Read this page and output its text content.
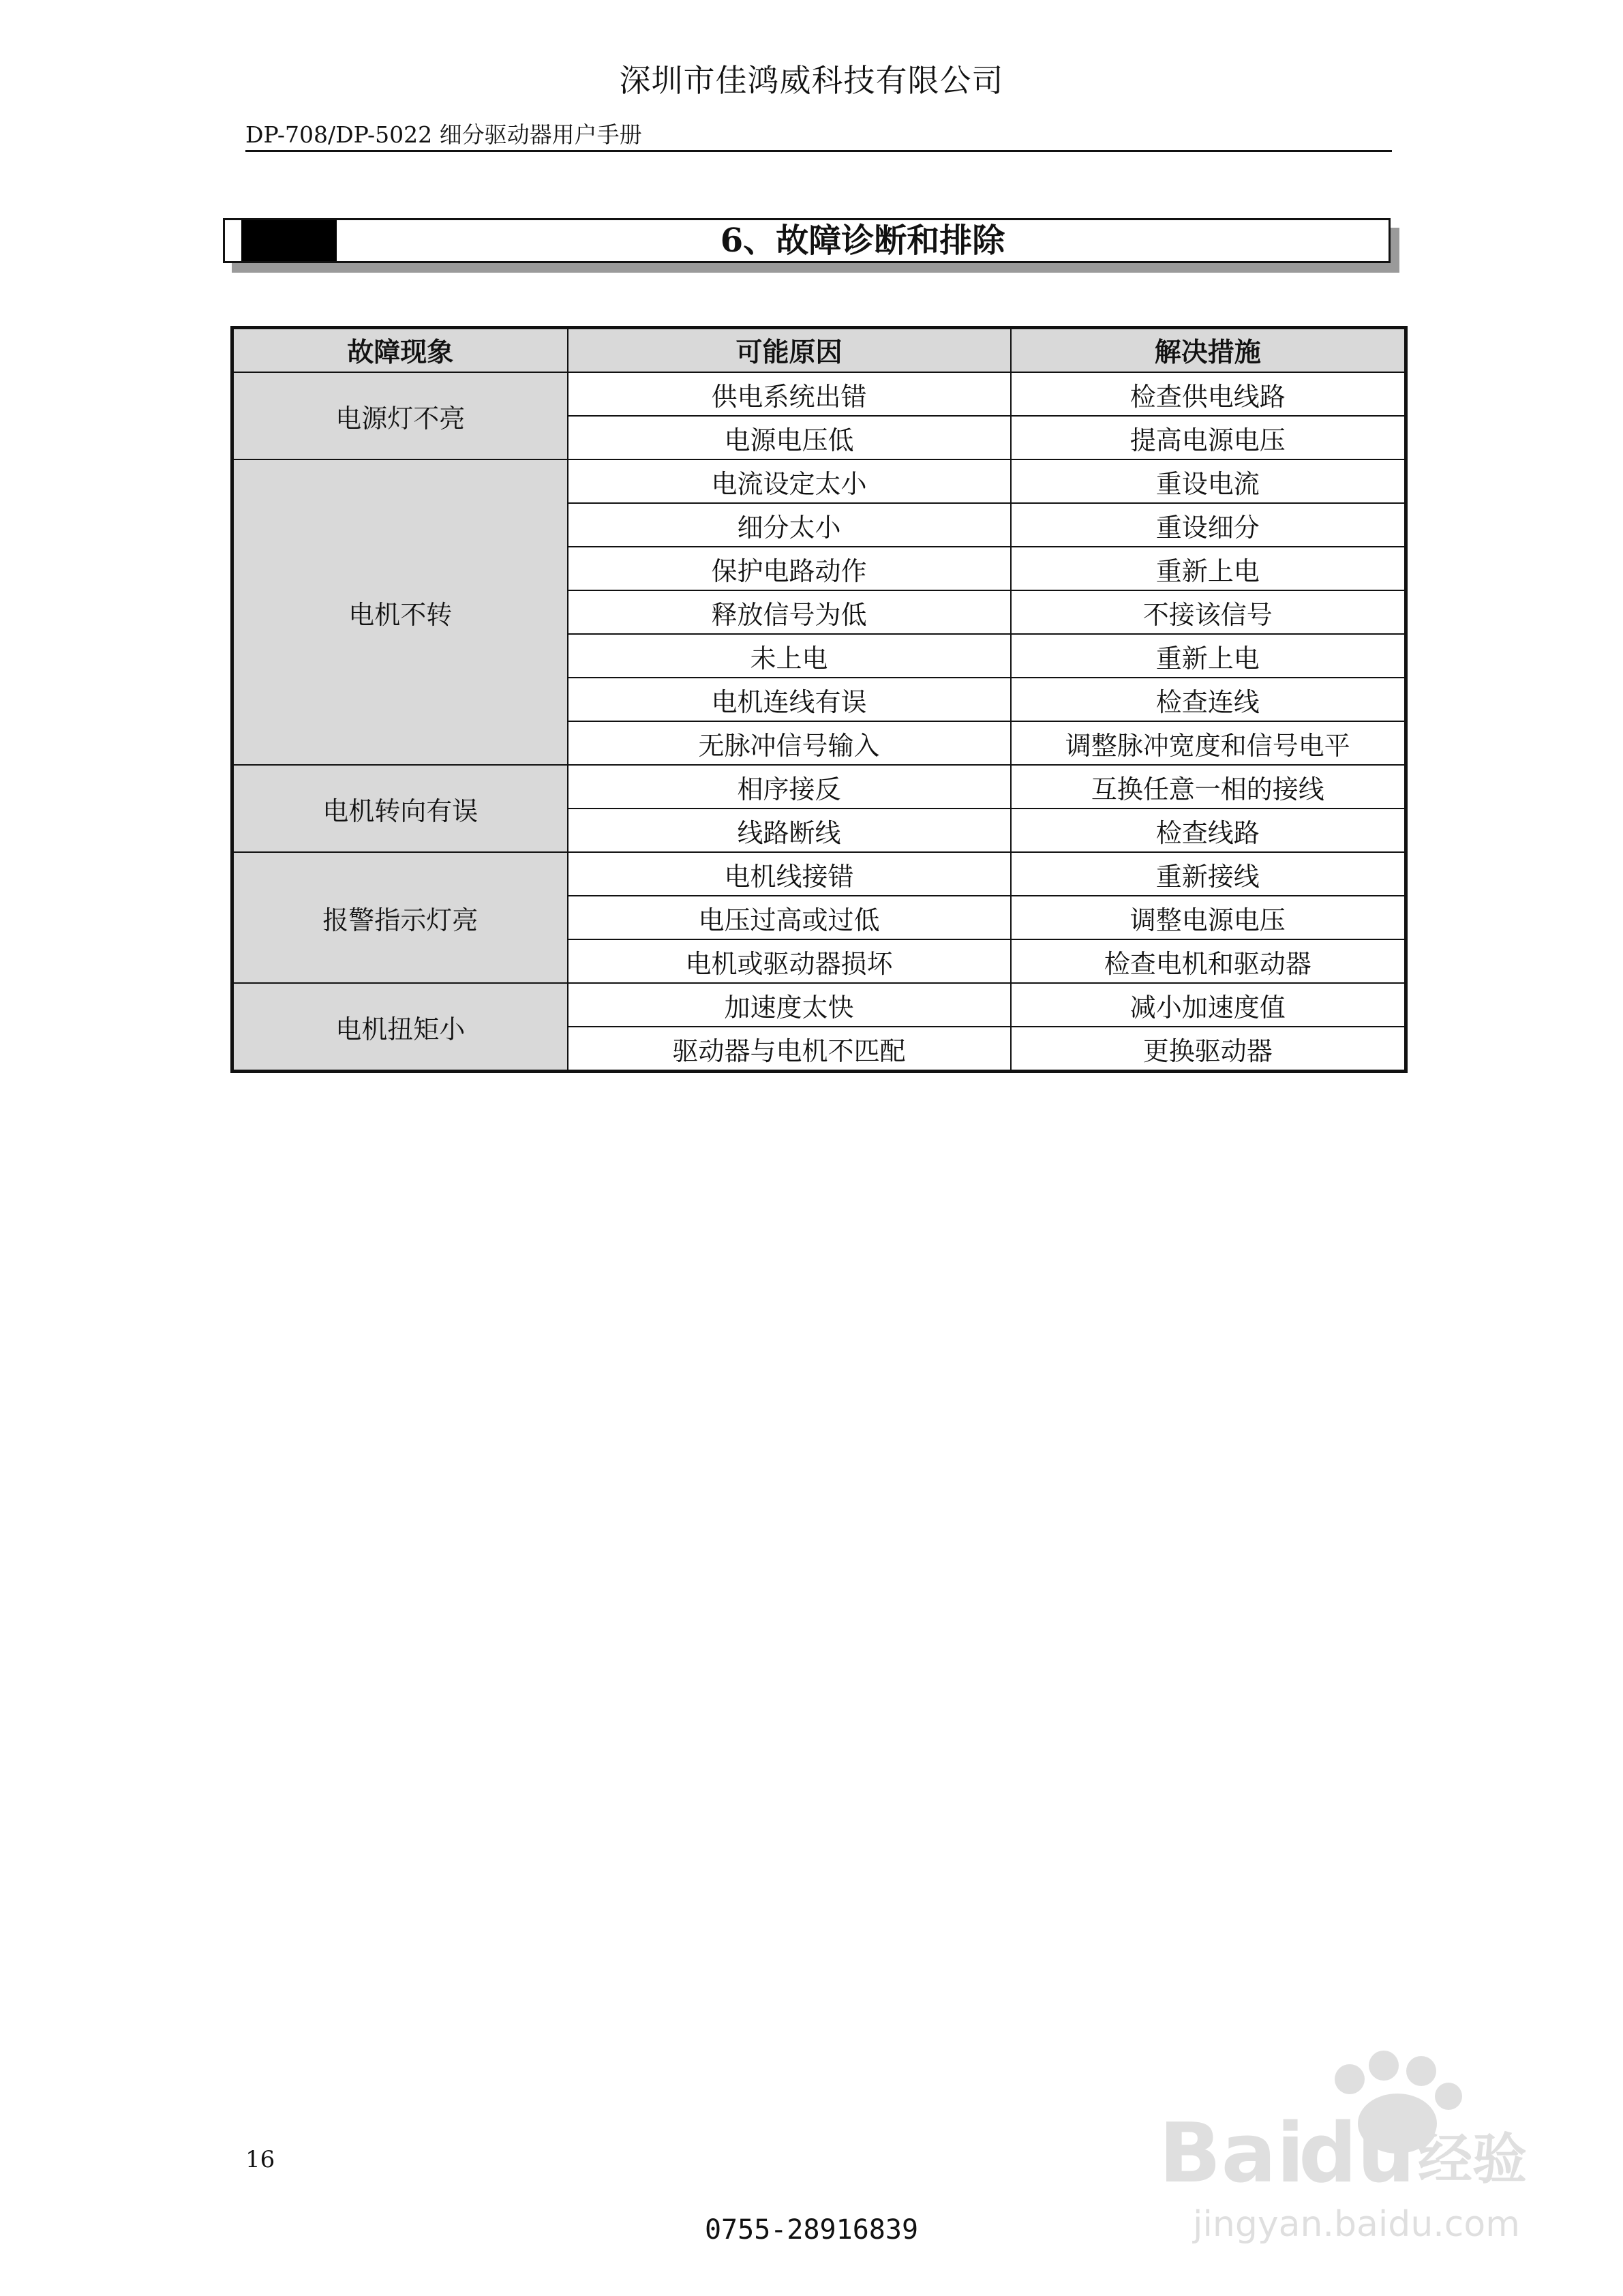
深圳市佳鸿威科技有限公司
DP-708/DP-5022 细分驱动器用户手册
6、故障诊断和排除
故障现象	可能原因	解决措施
电源灯不亮	供电系统出错	检查供电线路
	电源电压低	提高电源电压
电机不转	电流设定太小	重设电流
	细分太小	重设细分
	保护电路动作	重新上电
	释放信号为低	不接该信号
	未上电	重新上电
	电机连线有误	检查连线
	无脉冲信号输入	调整脉冲宽度和信号电平
电机转向有误	相序接反	互换任意一相的接线
	线路断线	检查线路
报警指示灯亮	电机线接错	重新接线
	电压过高或过低	调整电源电压
	电机或驱动器损坏	检查电机和驱动器
电机扭矩小	加速度太快	减小加速度值
	驱动器与电机不匹配	更换驱动器
16
0755-28916839
Bai
du 经验
jingyan.baidu.com
